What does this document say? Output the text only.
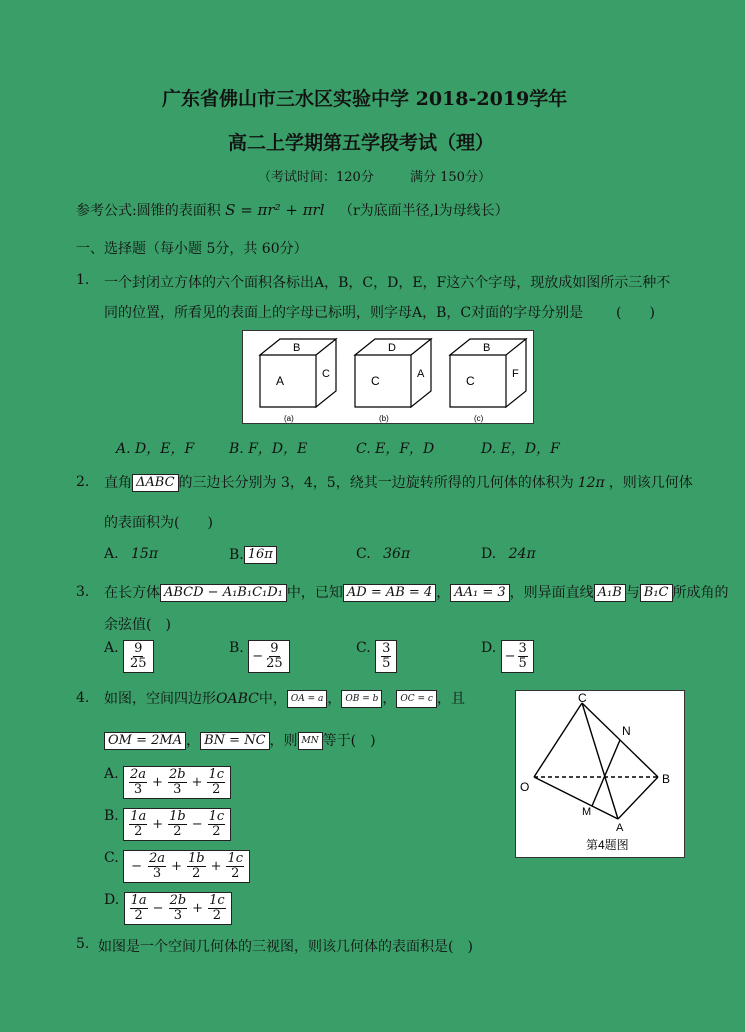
广东省佛山市三水区实验中学 2018-2019学年
高二上学期第五学段考试（理）
（考试时间：120分	满分 150分）
参考公式:圆锥的表面积 S = πr² + πrl （r为底面半径,l为母线长）
一、选择题（每小题 5分，共 60分）
1. 一个封闭立方体的六个面积各标出A，B，C，D，E，F这六个字母，现放成如图所示三种不
同的位置，所看见的表面上的字母已标明，则字母A，B，C对面的字母分别是 (　　)
B
A	C
(a)
D
C	A
(b)
B
C	F
(c)
A. D，E，F B. F，D，E	C. E，F，D	D. E，D，F
2. 直角 ΔABC 的三边长分别为 3，4，5，绕其一边旋转所得的几何体的体积为 12π ，则该几何体
的表面积为(　　)
A. 15π	B. 16π	C. 36π	D. 24π
3. 在长方体 ABCD − A₁B₁C₁D₁ 中，已知 AD = AB = 4 ， AA₁ = 3 ，则异面直线 A₁B 与 B₁C 所成角的
余弦值(　)
A. $\frac{9}{25}$	B.
− $\frac{9}{25}$	C. $\frac{3}{5}$	D.
− $\frac{3}{5}$
4. 如图，空间四边形OABC中， OA = a ， OB = b ， OC = c ，且
OM = 2MA ， BN = NC ，则 MN 等于(　)
A. $\frac{2a}{3} + \frac{2b}{3} + \frac{1c}{2}$
B. $\frac{1a}{2} + \frac{1b}{2} - \frac{1c}{2}$
C.
− $\frac{2a}{3} + \frac{1b}{2} + \frac{1c}{2}$
D. $\frac{1a}{2} - \frac{2b}{3} + \frac{1c}{2}$
C
N
O
B
M
A
第4题图
5. 如图是一个空间几何体的三视图，则该几何体的表面积是(　)
